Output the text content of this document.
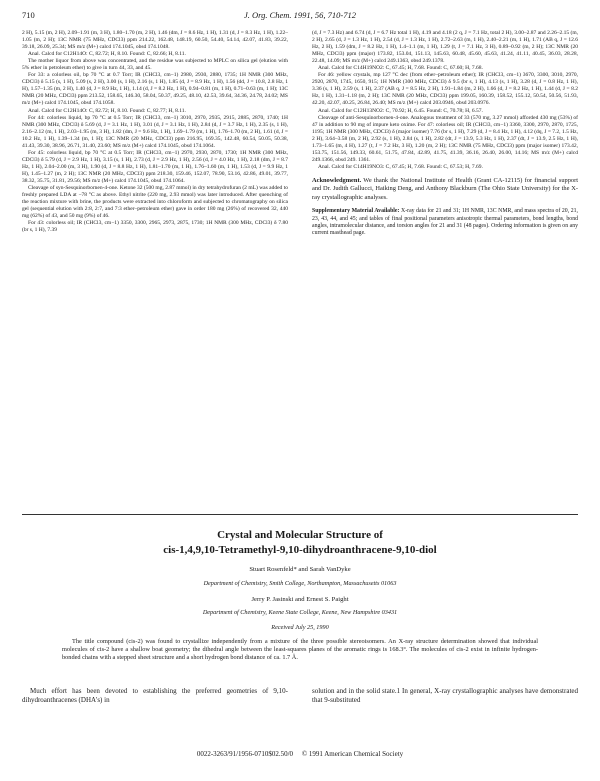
710	J. Org. Chem. 1991, 56, 710-712

2 H), 5.15 (m, 2 H), 2.09–1.91 (m, 3 H), 1.80–1.70 (m, 2 H), 1.46 (dm, J = 8.6 Hz, 1 H), 1.31 (d, J = 8.3 Hz, 1 H), 1.22–1.05 (m, 2 H); 13C NMR (75 MHz, CDCl3) ppm 214.22, 162.48, 148.19, 60.50, 54.40, 54.14, 42.07, 41.83, 39.22, 39.18, 26.09, 25.34; MS m/z (M+) calcd 174.1045, obsd 174.1048.

Anal. Calcd for C12H14O: C, 82.72; H, 8.10. Found: C, 82.66; H, 8.11.

The mother liquor from above was concentrated, and the residue was subjected to MPLC on silica gel (elution with 5% ether in petroleum ether) to give in turn 44, 33, and 45.

For 33: a colorless oil, bp 70 °C at 0.7 Torr; IR (CHCl3, cm−1) 2980, 2930, 2880, 1735; 1H NMR (300 MHz, CDCl3) δ 5.15 (s, 1 H), 5.09 (s, 2 H), 3.00 (s, 1 H), 2.16 (s, 1 H), 1.85 (d, J = 8.9 Hz, 1 H), 1.56 (dd, J = 10.8, 2.8 Hz, 1 H), 1.57–1.35 (m, 2 H), 1.40 (d, J = 8.9 Hz, 1 H), 1.14 (d, J = 8.2 Hz, 1 H), 0.94–0.81 (m, 1 H), 0.71–0.63 (m, 1 H); 13C NMR (20 MHz, CDCl3) ppm 213.52, 158.65, 146.30, 58.04, 50.37, 49.25, 48.10, 42.53, 39.64, 34.36, 24.78, 24.02; MS m/z (M+) calcd 174.1045, obsd 174.1058.

Anal. Calcd for C12H14O: C, 82.72; H, 8.10. Found: C, 82.77; H, 8.11.

For 44: colorless liquid, bp 70 °C at 0.5 Torr; IR (CHCl3, cm−1) 3010, 2970, 2935, 2915, 2885, 2870, 1740; 1H NMR (300 MHz, CDCl3) δ 5.69 (d, J = 3.1 Hz, 1 H), 3.01 (d, J = 3.1 Hz, 1 H), 2.84 (d, J = 3.7 Hz, 1 H), 2.35 (s, 1 H), 2.16–2.12 (m, 1 H), 2.03–1.95 (m, 3 H), 1.82 (dm, J = 9.6 Hz, 1 H), 1.69–1.79 (m, 1 H), 1.76–1.70 (m, 2 H), 1.61 (d, J = 10.2 Hz, 1 H), 1.39–1.34 (m, 1 H); 13C NMR (20 MHz, CDCl3) ppm 216.95, 169.35, 142.48, 60.54, 50.05, 50.38, 41.43, 39.30, 38.96, 26.71, 31.40, 23.60; MS m/z (M+) calcd 174.1045, obsd 174.1064.

For 45: colorless liquid, bp 70 °C at 0.5 Torr; IR (CHCl3, cm−1) 2970, 2930, 2870, 1730; 1H NMR (300 MHz, CDCl3) δ 5.79 (d, J = 2.9 Hz, 1 H), 3.15 (s, 1 H), 2.73 (d, J = 2.9 Hz, 1 H), 2.56 (d, J = 4.0 Hz, 1 H), 2.18 (dm, J = 8.7 Hz, 1 H), 2.04–2.00 (m, 3 H), 1.90 (d, J = 8.8 Hz, 1 H), 1.81–1.70 (m, 1 H), 1.76–1.60 (m, 1 H), 1.53 (d, J = 9.9 Hz, 1 H), 1.45–1.27 (m, 2 H); 13C NMR (20 MHz, CDCl3) ppm 218.30, 159.46, 152.07, 78.90, 53.16, 42.86, 49.01, 39.77, 38.32, 35.75, 31.81, 29.56; MS m/z (M+) calcd 174.1045, obsd 174.1064.

Cleavage of syn-Sesquinorbornen-4-one. Ketone 32 (500 mg, 2.87 mmol) in dry tetrahydrofuran (2 mL) was added to freshly prepared LDA at −78 °C as above. Ethyl nitrite (220 mg, 2.93 mmol) was later introduced. After quenching of the reaction mixture with brine, the products were extracted into chloroform and subjected to chromatography on silica gel (sequential elution with 2:8, 2:7, and 7:3 ether–petroleum ether) gave in order 180 mg (26%) of recovered 32, 440 mg (62%) of 43, and 50 mg (9%) of 46.

For 43: colorless oil; IR (CHCl3, cm−1) 3350, 3300, 2965, 2973, 2875, 1730; 1H NMR (300 MHz, CDCl3) δ 7.80 (br s, 1 H), 7.39

(d, J = 7.3 Hz) and 6.74 (d, J = 6.7 Hz total 1 H), 4.19 and 4.18 (2 q, J = 7.1 Hz, total 2 H), 3.00–2.87 and 2.26–2.15 (m, 2 H), 2.65 (d, J = 1.3 Hz, 1 H), 2.54 (d, J = 1.3 Hz, 1 H), 2.72–2.63 (m, 1 H), 2.40–2.21 (m, 1 H), 1.71 (AB q, J = 12.6 Hz, 2 H), 1.59 (dm, J = 8.2 Hz, 1 H), 1.4–1.1 (m, 1 H), 1.29 (t, J = 7.1 Hz, 3 H), 0.89–0.92 (m, 2 H); 13C NMR (20 MHz, CDCl3) ppm (major) 173.82, 153.04, 151.13, 145.63, 60.48, 45.60, 45.63, 41.24, 41.11, 40.45, 36.03, 28.28, 22.48, 14.09; MS m/z (M+) calcd 249.1363, obsd 249.1378.

Anal. Calcd for C14H19NO2: C, 67.45; H, 7.68. Found: C, 67.60; H, 7.68.

For 46: yellow crystals, mp 127 °C dec (from ether–petroleum ether); IR (CHCl3, cm−1) 3670, 3300, 3010, 2970, 2920, 2870, 1745, 1650, 915; 1H NMR (300 MHz, CDCl3) δ 9.5 (br s, 1 H), 4.13 (s, 1 H), 3.28 (d, J = 0.8 Hz, 1 H), 3.36 (s, 1 H), 2.59 (s, 1 H), 2.37 (AB q, J = 8.5 Hz, 2 H), 1.91–1.84 (m, 2 H), 1.66 (d, J = 8.2 Hz, 1 H), 1.44 (d, J = 8.2 Hz, 1 H), 1.31–1.18 (m, 2 H); 13C NMR (20 MHz, CDCl3) ppm 199.05, 160.39, 158.52, 155.12, 50.54, 50.56, 51.93, 42.20, 42.07, 40.25, 26.84, 26.40; MS m/z (M+) calcd 203.0946, obsd 203.0976.

Anal. Calcd for C12H13NO2: C, 70.92; H, 6.45. Found: C, 70.78; H, 6.57.

Cleavage of anti-Sesquinorbornen-4-one. Analogous treatment of 33 (570 mg, 3.27 mmol) afforded 430 mg (53%) of 47 in addition to 90 mg of impure keto oxime. For 47: colorless oil; IR (CHCl3, cm−1) 3360, 3300, 2970, 2870, 1725, 1195; 1H NMR (300 MHz, CDCl3) δ (major isomer) 7.76 (br s, 1 H), 7.29 (d, J = 8.4 Hz, 1 H), 4.12 (dq, J = 7.2, 1.5 Hz, 2 H), 3.64–3.58 (m, 2 H), 2.92 (s, 1 H), 2.84 (s, 1 H), 2.82 (dt, J = 13.9, 5.3 Hz, 1 H), 2.37 (dt, J = 13.9, 2.5 Hz, 1 H), 1.73–1.65 (m, 4 H), 1.27 (t, J = 7.2 Hz, 3 H), 1.20 (m, 2 H); 13C NMR (75 MHz, CDCl3) ppm (major isomer) 173.42, 153.75, 151.56, 149.33, 60.61, 51.75, 47.84, 42.89, 41.75, 41.39, 36.16, 26.40, 26.00, 14.16; MS m/z (M+) calcd 249.1366, obsd 249. 1361.

Anal. Calcd for C14H19NO3: C, 67.45; H, 7.68. Found: C, 67.53; H, 7.69.

Acknowledgment. We thank the National Institute of Health (Grant CA-12115) for financial support and Dr. Judith Gallucci, Haiking Deng, and Anthony Blackburn (The Ohio State University) for the X-ray crystallographic analyses.

Supplementary Material Available: X-ray data for 21 and 31; 1H NMR, 13C NMR, and mass spectra of 20, 21, 23, 43, 44, and 45; and tables of final positional parameters anisotropic thermal parameters, bond lengths, bond angles, intramolecular distance, and torsion angles for 21 and 31 (48 pages). Ordering information is given on any current masthead page.

Crystal and Molecular Structure of
cis-1,4,9,10-Tetramethyl-9,10-dihydroanthracene-9,10-diol
Stuart Rosenfeld* and Sarah VanDyke
Department of Chemistry, Smith College, Northampton, Massachusetts 01063
Jerry P. Jasinski and Ernest S. Paight
Department of Chemistry, Keene State College, Keene, New Hampshire 03431
Received July 25, 1990
The title compound (cis-2) was found to crystallize independently from a mixture of the three possible stereoisomers. An X-ray structure determination showed that individual molecules of cis-2 have a shallow boat geometry; the dihedral angle between the least-squares planes of the aromatic rings is 168.3°. The molecules of cis-2 exist in infinite hydrogen-bonded chains with a stepped sheet structure and a short hydrogen bond distance of ca. 1.7 Å.
Much effort has been devoted to establishing the preferred geometries of 9,10-dihydroanthracenes (DHA's) in
solution and in the solid state.1 In general, X-ray crystallographic analyses have demonstrated that 9-substituted
0022-3263/91/1956-0710$02.50/0 © 1991 American Chemical Society
